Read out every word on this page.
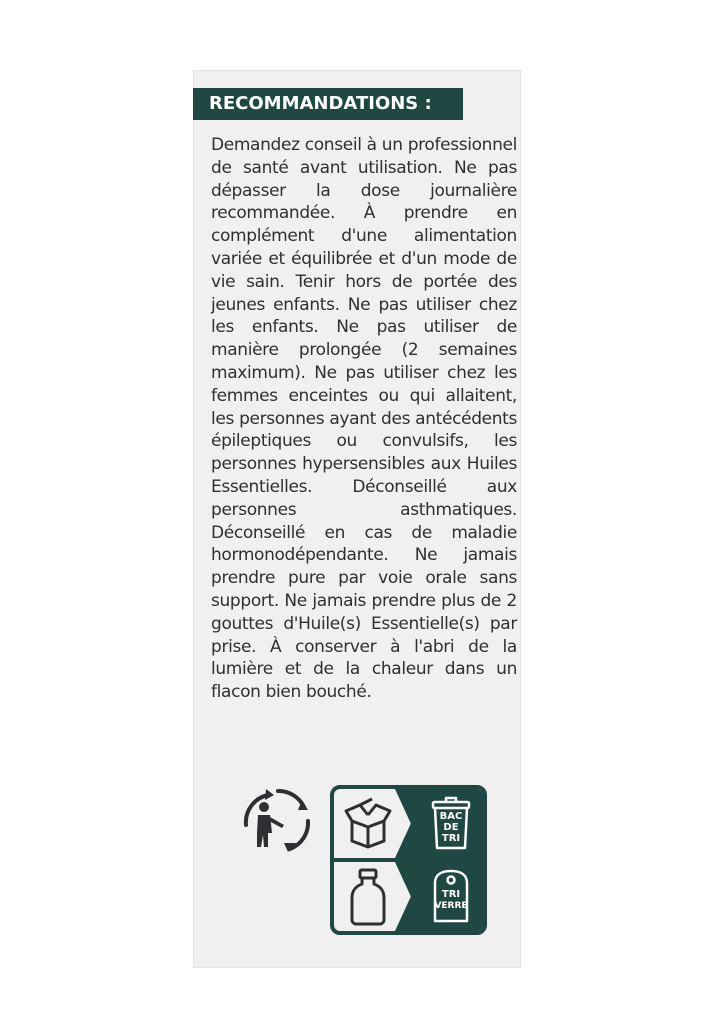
RECOMMANDATIONS :
Demandez conseil à un professionnel de santé avant utilisation. Ne pas dépasser la dose journalière recommandée. À prendre en complément d'une alimentation variée et équilibrée et d'un mode de vie sain. Tenir hors de portée des jeunes enfants. Ne pas utiliser chez les enfants. Ne pas utiliser de manière prolongée (2 semaines maximum). Ne pas utiliser chez les femmes enceintes ou qui allaitent, les personnes ayant des antécédents épileptiques ou convulsifs, les personnes hypersensibles aux Huiles Essentielles. Déconseillé aux personnes asthmatiques. Déconseillé en cas de maladie hormonodépendante. Ne jamais prendre pure par voie orale sans support. Ne jamais prendre plus de 2 gouttes d'Huile(s) Essentielle(s) par prise. À conserver à l'abri de la lumière et de la chaleur dans un flacon bien bouché.
BAC
DE
TRI
TRI
VERRE
